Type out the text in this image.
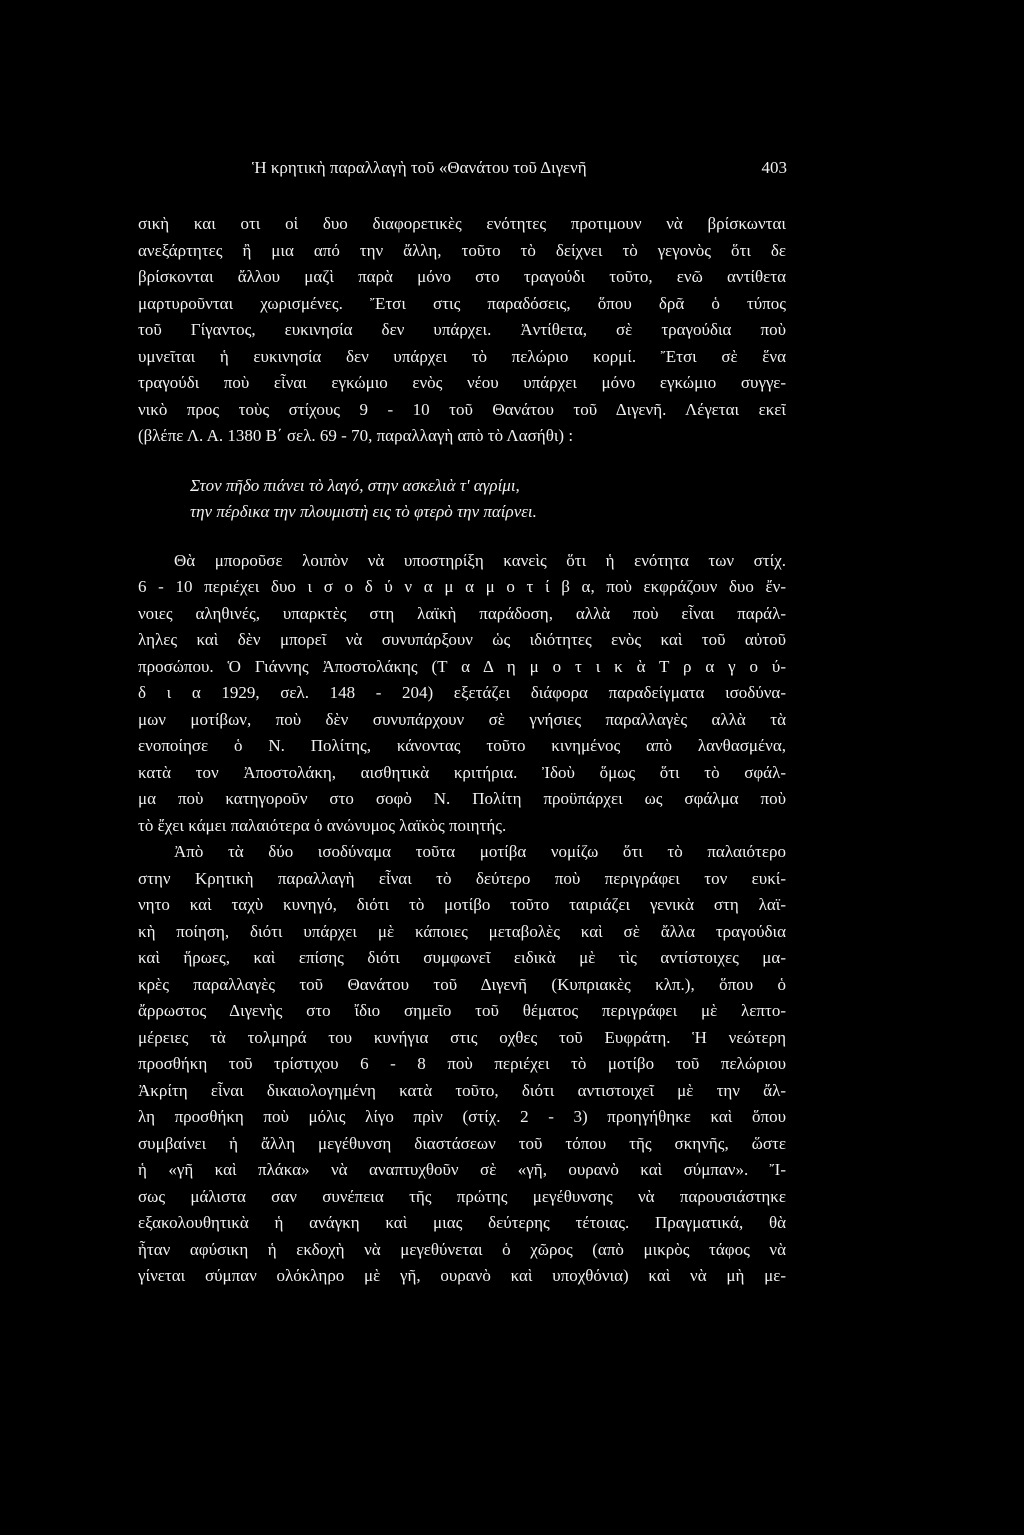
Ἡ κρητικὴ παραλλαγὴ τοῦ «Θανάτου τοῦ Διγενῆ	403
σικὴ και οτι οἱ δυο διαφορετικὲς ενότητες προτιμουν νὰ βρίσκωνται
ανεξάρτητες ἢ μια από την ἄλλη, τοῦτο τὸ δείχνει τὸ γεγονὸς ὅτι δε
βρίσκονται ἄλλου μαζὶ παρὰ μόνο στο τραγούδι τοῦτο, ενῶ αντίθετα
μαρτυροῦνται χωρισμένες. Ἔτσι στις παραδόσεις, ὅπου δρᾶ ὁ τύπος
τοῦ Γίγαντος, ευκινησία δεν υπάρχει. Ἀντίθετα, σὲ τραγούδια ποὺ
υμνεῖται ἡ ευκινησία δεν υπάρχει τὸ πελώριο κορμί. Ἔτσι σὲ ἕνα
τραγούδι ποὺ εἶναι εγκώμιο ενὸς νέου υπάρχει μόνο εγκώμιο συγγε-
νικὸ προς τοὺς στίχους 9 - 10 τοῦ Θανάτου τοῦ Διγενῆ. Λέγεται εκεῖ
(βλέπε Λ. Α. 1380 Β΄ σελ. 69 - 70, παραλλαγὴ απὸ τὸ Λασήθι) :
Στον πῆδο πιάνει τὸ λαγό, στην ασκελιὰ τ' αγρίμι,
την πέρδικα την πλουμιστὴ εις τὸ φτερὸ την παίρνει.
Θὰ μποροῦσε λοιπὸν νὰ υποστηρίξη κανεὶς ὅτι ἡ ενότητα των στίχ.
6 - 10 περιέχει δυο ι σ ο δ ύ ν α μ α μ ο τ ί β α, ποὺ εκφράζουν δυο ἔν-
νοιες αληθινές, υπαρκτὲς στη λαϊκὴ παράδοση, αλλὰ ποὺ εἶναι παράλ-
ληλες καὶ δὲν μπορεῖ νὰ συνυπάρξουν ὡς ιδιότητες ενὸς καὶ τοῦ αὐτοῦ
προσώπου. Ὁ Γιάννης Ἀποστολάκης (Τ α Δ η μ ο τ ι κ ὰ Τ ρ α γ ο ύ-
δ ι α 1929, σελ. 148 - 204) εξετάζει διάφορα παραδείγματα ισοδύνα-
μων μοτίβων, ποὺ δὲν συνυπάρχουν σὲ γνήσιες παραλλαγὲς αλλὰ τὰ
ενοποίησε ὁ Ν. Πολίτης, κάνοντας τοῦτο κινημένος απὸ λανθασμένα,
κατὰ τον Ἀποστολάκη, αισθητικὰ κριτήρια. Ἰδοὺ ὅμως ὅτι τὸ σφάλ-
μα ποὺ κατηγοροῦν στο σοφὸ Ν. Πολίτη προϋπάρχει ως σφάλμα ποὺ
τὸ ἔχει κάμει παλαιότερα ὁ ανώνυμος λαϊκὸς ποιητής.
Ἀπὸ τὰ δύο ισοδύναμα τοῦτα μοτίβα νομίζω ὅτι τὸ παλαιότερο
στην Κρητικὴ παραλλαγὴ εἶναι τὸ δεύτερο ποὺ περιγράφει τον ευκί-
νητο καὶ ταχὺ κυνηγό, διότι τὸ μοτίβο τοῦτο ταιριάζει γενικὰ στη λαϊ-
κὴ ποίηση, διότι υπάρχει μὲ κάποιες μεταβολὲς καὶ σὲ ἄλλα τραγούδια
καὶ ἥρωες, καὶ επίσης διότι συμφωνεῖ ειδικὰ μὲ τὶς αντίστοιχες μα-
κρὲς παραλλαγὲς τοῦ Θανάτου τοῦ Διγενῆ (Κυπριακὲς κλπ.), ὅπου ὁ
ἄρρωστος Διγενὴς στο ἴδιο σημεῖο τοῦ θέματος περιγράφει μὲ λεπτο-
μέρειες τὰ τολμηρά του κυνήγια στις οχθες τοῦ Ευφράτη. Ἡ νεώτερη
προσθήκη τοῦ τρίστιχου 6 - 8 ποὺ περιέχει τὸ μοτίβο τοῦ πελώριου
Ἀκρίτη εἶναι δικαιολογημένη κατὰ τοῦτο, διότι αντιστοιχεῖ μὲ την ἄλ-
λη προσθήκη ποὺ μόλις λίγο πρὶν (στίχ. 2 - 3) προηγήθηκε καὶ ὅπου
συμβαίνει ἡ ἄλλη μεγέθυνση διαστάσεων τοῦ τόπου τῆς σκηνῆς, ὥστε
ἡ «γῆ καὶ πλάκα» νὰ αναπτυχθοῦν σὲ «γῆ, ουρανὸ καὶ σύμπαν». Ἴ-
σως μάλιστα σαν συνέπεια τῆς πρώτης μεγέθυνσης νὰ παρουσιάστηκε
εξακολουθητικὰ ἡ ανάγκη καὶ μιας δεύτερης τέτοιας. Πραγματικά, θὰ
ἦταν αφύσικη ἡ εκδοχὴ νὰ μεγεθύνεται ὁ χῶρος (απὸ μικρὸς τάφος νὰ
γίνεται σύμπαν ολόκληρο μὲ γῆ, ουρανὸ καὶ υποχθόνια) καὶ νὰ μὴ με-
